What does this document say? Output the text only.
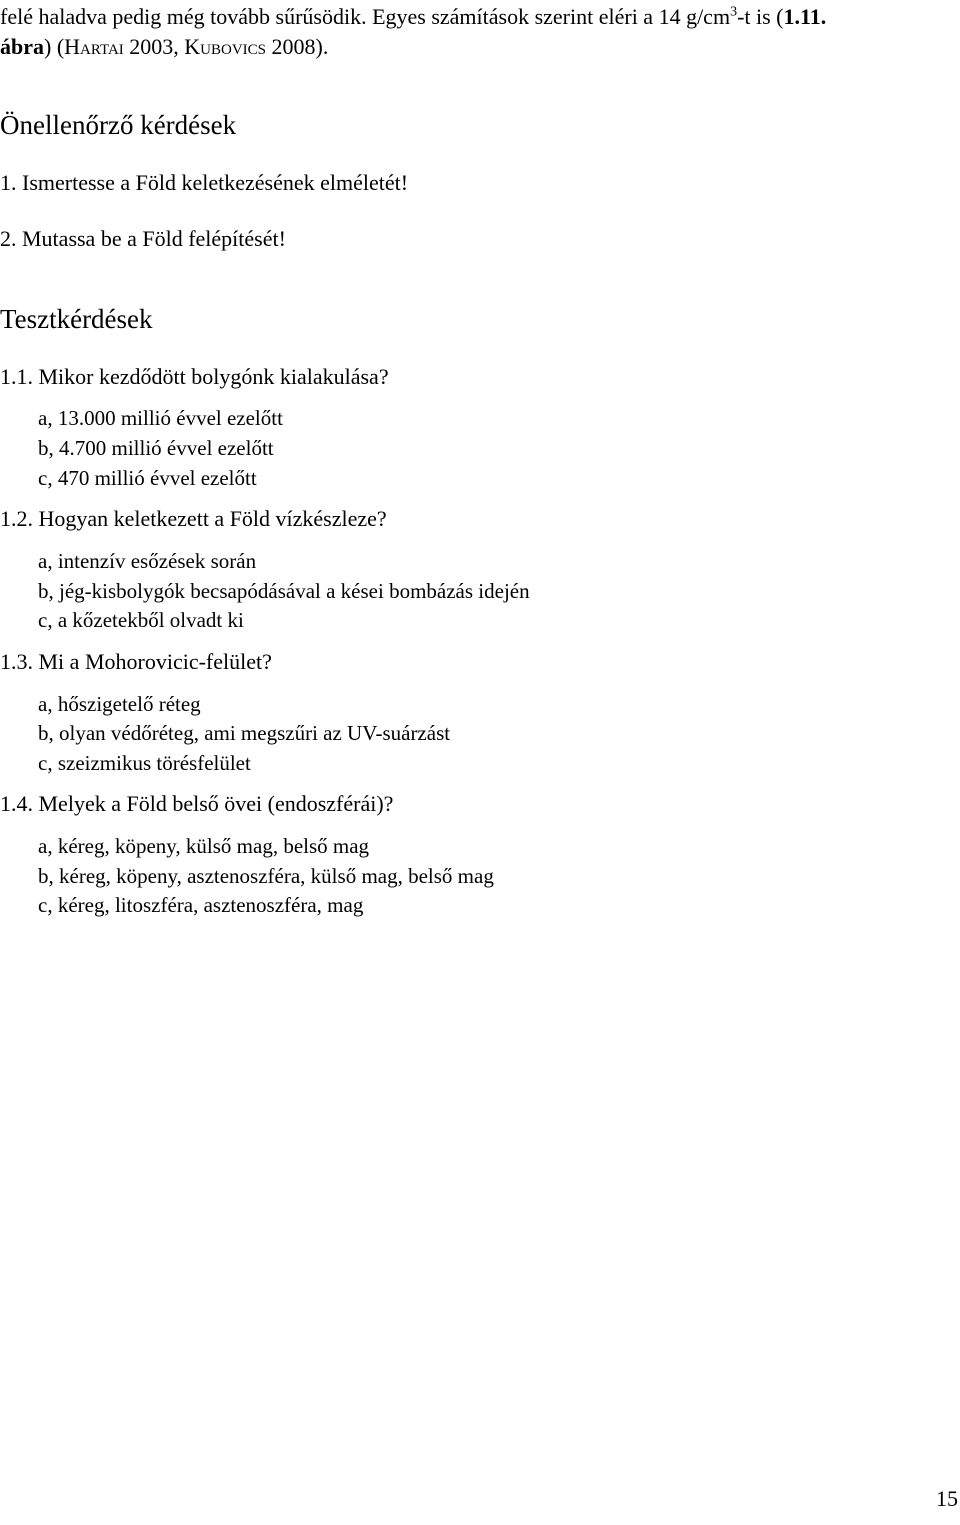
felé haladva pedig még tovább sűrűsödik. Egyes számítások szerint eléri a 14 $g/cm^3-t$ is (1.11.
ábra) (HARTAI 2003, KUBOVICS 2008).
Önellenőrző kérdések
1. Ismertesse a Föld keletkezésének elméletét!
2. Mutassa be a Föld felépítését!
Tesztkérdések
1.1. Mikor kezdődött bolygónk kialakulása?
a, 13.000 millió évvel ezelőtt
b, 4.700 millió évvel ezelőtt
c, 470 millió évvel ezelőtt
1.2. Hogyan keletkezett a Föld vízkészleze?
a, intenzív esőzések során
b, jég-kisbolygók becsapódásával a kései bombázás idején
c, a kőzetekből olvadt ki
1.3. Mi a Mohorovicic-felület?
a, hőszigetelő réteg
b, olyan védőréteg, ami megszűri az UV-suárzást
c, szeizmikus törésfelület
1.4. Melyek a Föld belső övei (endoszférái)?
a, kéreg, köpeny, külső mag, belső mag
b, kéreg, köpeny, asztenoszféra, külső mag, belső mag
c, kéreg, litoszféra, asztenoszféra, mag
15
